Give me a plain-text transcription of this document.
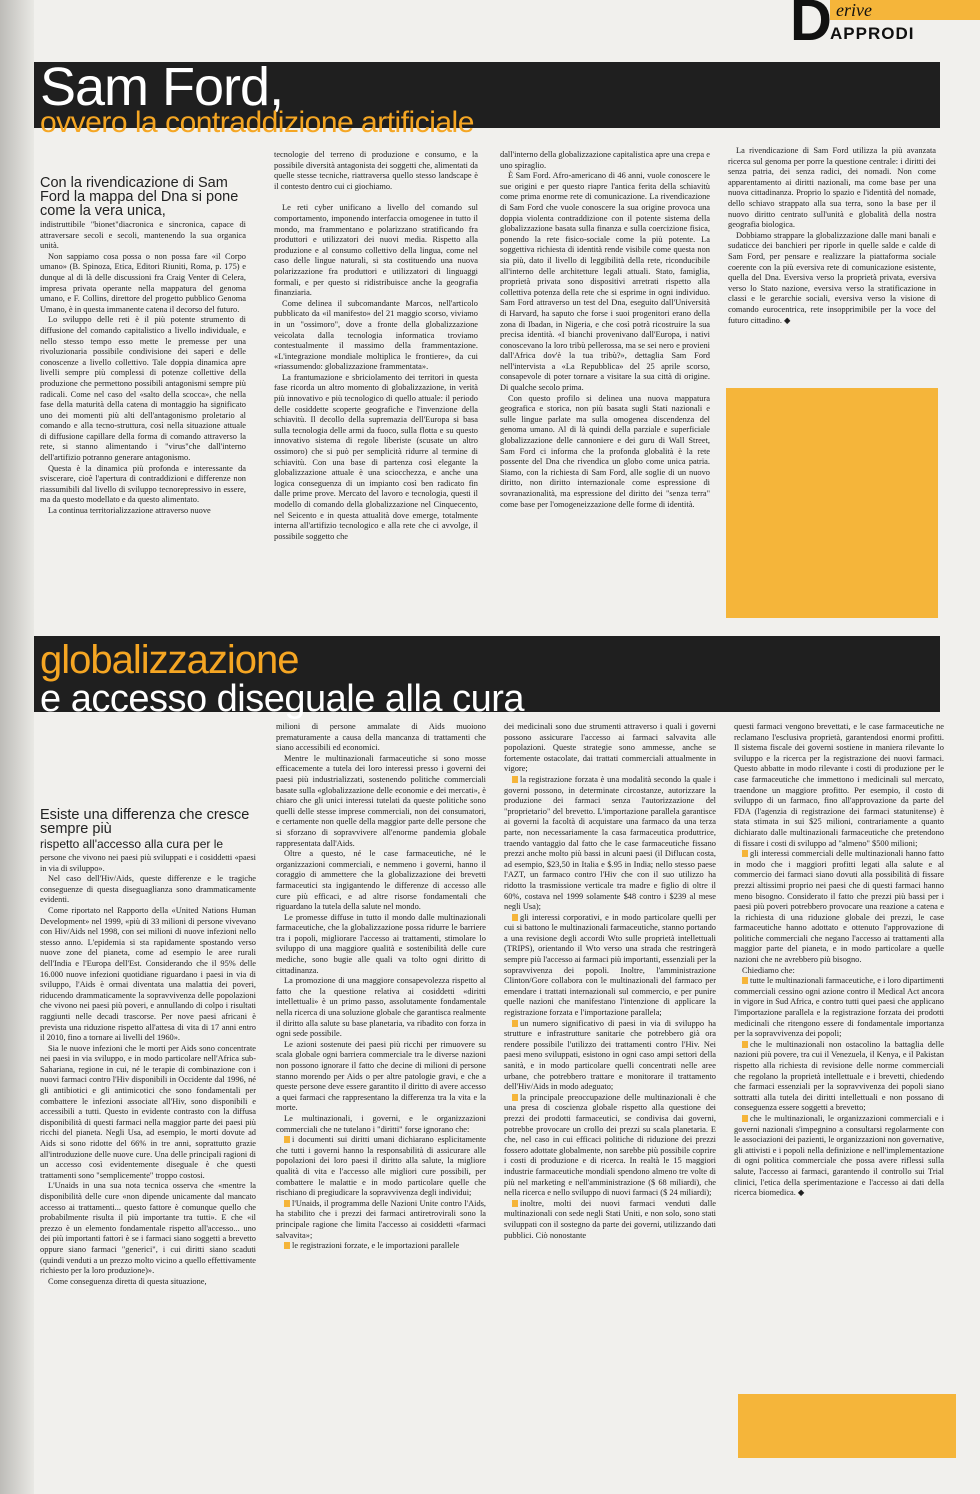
erive
D
APPRODI
Sam Ford,
ovvero la contraddizione artificiale
Con la rivendicazione di Sam Ford la mappa del Dna si pone come la vera unica,

indistruttibile "bionet"diacronica e sincronica, capace di attraversare secoli e secoli, mantenendo la sua organica unità.

Non sappiamo cosa possa o non possa fare «il Corpo umano» (B. Spinoza, Etica, Editori Riuniti, Roma, p. 175) e dunque al di là delle discussioni fra Craig Venter di Celera, impresa privata operante nella mappatura del genoma umano, e F. Collins, direttore del progetto pubblico Genoma Umano, è in questa immanente catena il decorso del futuro.

Lo sviluppo delle reti è il più potente strumento di diffusione del comando capitalistico a livello individuale, e nello stesso tempo esso mette le premesse per una rivoluzionaria possibile condivisione dei saperi e delle conoscenze a livello collettivo. Tale doppia dinamica apre livelli sempre più complessi di potenze collettive della produzione che permettono possibili antagonismi sempre più radicali. Come nel caso del «salto della scocca», che nella fase della maturità della catena di montaggio ha significato uno dei momenti più alti dell'antagonismo proletario al comando e alla tecno-struttura, così nella situazione attuale di diffusione capillare della forma di comando attraverso la rete, si stanno alimentando i "virus"che dall'interno dell'artifizio potranno generare antagonismo.

Questa è la dinamica più profonda e interessante da sviscerare, cioè l'apertura di contraddizioni e differenze non riassumibili dal livello di sviluppo tecnorepressivo in essere, ma da questo modellato e da questo alimentato.

La continua territorializzazione attraverso nuove

tecnologie del terreno di produzione e consumo, e la possibile diversità antagonista dei soggetti che, alimentati da quelle stesse tecniche, riattraversa quello stesso landscape è il contesto dentro cui ci giochiamo.

Le reti cyber unificano a livello del comando sul comportamento, imponendo interfaccia omogenee in tutto il mondo, ma frammentano e polarizzano stratificando fra produttori e utilizzatori dei nuovi media. Rispetto alla produzione e al consumo collettivo della lingua, come nel caso delle lingue naturali, si sta costituendo una nuova polarizzazione fra produttori e utilizzatori di linguaggi formali, e per questo si ridistribuisce anche la geografia finanziaria.

Come delinea il subcomandante Marcos, nell'articolo pubblicato da «il manifesto» del 21 maggio scorso, viviamo in un "ossimoro", dove a fronte della globalizzazione veicolata dalla tecnologia informatica troviamo contestualmente il massimo della frammentazione. «L'integrazione mondiale moltiplica le frontiere», da cui «riassumendo: globalizzazione frammentata».

La frantumazione e sbriciolamento dei territori in questa fase ricorda un altro momento di globalizzazione, in verità più innovativo e più tecnologico di quello attuale: il periodo delle cosiddette scoperte geografiche e l'invenzione della schiavitù. Il decollo della supremazia dell'Europa si basa sulla tecnologia delle armi da fuoco, sulla flotta e su questo innovativo sistema di regole liberiste (scusate un altro ossimoro) che si può per semplicità ridurre al termine di schiavitù. Con una base di partenza così elegante la globalizzazione attuale è una sciocchezza, e anche una logica conseguenza di un impianto così ben radicato fin dalle prime prove. Mercato del lavoro e tecnologia, questi il modello di comando della globalizzazione nel Cinquecento, nel Seicento e in questa attualità dove emerge, totalmente interna all'artifizio tecnologico e alla rete che ci avvolge, il possibile soggetto che

dall'interno della globalizzazione capitalistica apre una crepa e uno spiraglio.

È Sam Ford. Afro-americano di 46 anni, vuole conoscere le sue origini e per questo riapre l'antica ferita della schiavitù come prima enorme rete di comunicazione. La rivendicazione di Sam Ford che vuole conoscere la sua origine provoca una doppia violenta contraddizione con il potente sistema della globalizzazione basata sulla finanza e sulla coercizione fisica, ponendo la rete fisico-sociale come la più potente. La soggettiva richiesta di identità rende visibile come questa non sia più, dato il livello di leggibilità della rete, riconducibile all'interno delle architetture legali attuali. Stato, famiglia, proprietà privata sono dispositivi arretrati rispetto alla collettiva potenza della rete che si esprime in ogni individuo. Sam Ford attraverso un test del Dna, eseguito dall'Università di Harvard, ha saputo che forse i suoi progenitori erano della zona di Ibadan, in Nigeria, e che così potrà ricostruire la sua precisa identità. «I bianchi provenivano dall'Europa, i nativi conoscevano la loro tribù pellerossa, ma se sei nero e provieni dall'Africa dov'è la tua tribù?», dettaglia Sam Ford nell'intervista a «La Repubblica» del 25 aprile scorso, consapevole di poter tornare a visitare la sua città di origine. Di qualche secolo prima.

Con questo profilo si delinea una nuova mappatura geografica e storica, non più basata sugli Stati nazionali e sulle lingue parlate ma sulla omogenea discendenza del genoma umano. Al di là quindi della parziale e superficiale globalizzazione delle cannoniere e dei guru di Wall Street, Sam Ford ci informa che la profonda globalità è la rete possente del Dna che rivendica un globo come unica patria. Siamo, con la richiesta di Sam Ford, alle soglie di un nuovo diritto, non diritto internazionale come espressione di sovranazionalità, ma espressione del diritto dei "senza terra" come base per l'omogeneizzazione delle forme di identità.

La rivendicazione di Sam Ford utilizza la più avanzata ricerca sul genoma per porre la questione centrale: i diritti dei senza patria, dei senza radici, dei nomadi. Non come apparentamento ai diritti nazionali, ma come base per una nuova cittadinanza. Proprio lo spazio e l'identità del nomade, dello schiavo strappato alla sua terra, sono la base per il nuovo diritto centrato sull'unità e globalità della nostra geografia biologica.

Dobbiamo strappare la globalizzazione dalle mani banali e sudaticce dei banchieri per riporle in quelle salde e calde di Sam Ford, per pensare e realizzare la piattaforma sociale coerente con la più eversiva rete di comunicazione esistente, quella del Dna. Eversiva verso la proprietà privata, eversiva verso lo Stato nazione, eversiva verso la stratificazione in classi e le gerarchie sociali, eversiva verso la visione di comando eurocentrica, rete insopprimibile per la voce del futuro cittadino. ◆

globalizzazione
e accesso diseguale alla cura
Esiste una differenza che cresce sempre più
rispetto all'accesso alla cura per le

persone che vivono nei paesi più sviluppati e i cosiddetti «paesi in via di sviluppo».

Nel caso dell'Hiv/Aids, queste differenze e le tragiche conseguenze di questa diseguaglianza sono drammaticamente evidenti.

Come riportato nel Rapporto della «United Nations Human Development» nel 1999, «più di 33 milioni di persone vivevano con Hiv/Aids nel 1998, con sei milioni di nuove infezioni nello stesso anno. L'epidemia si sta rapidamente spostando verso nuove zone del pianeta, come ad esempio le aree rurali dell'India e l'Europa dell'Est. Considerando che il 95% delle 16.000 nuove infezioni quotidiane riguardano i paesi in via di sviluppo, l'Aids è ormai diventata una malattia dei poveri, riducendo drammaticamente la sopravvivenza delle popolazioni che vivono nei paesi più poveri, e annullando di colpo i risultati raggiunti nelle decadi trascorse. Per nove paesi africani è prevista una riduzione rispetto all'attesa di vita di 17 anni entro il 2010, fino a tornare ai livelli del 1960».

Sia le nuove infezioni che le morti per Aids sono concentrate nei paesi in via sviluppo, e in modo particolare nell'Africa sub-Sahariana, regione in cui, né le terapie di combinazione con i nuovi farmaci contro l'Hiv disponibili in Occidente dal 1996, né gli antibiotici e gli antimicotici che sono fondamentali per combattere le infezioni associate all'Hiv, sono disponibili e accessibili a tutti. Questo in evidente contrasto con la diffusa disponibilità di questi farmaci nella maggior parte dei paesi più ricchi del pianeta. Negli Usa, ad esempio, le morti dovute ad Aids si sono ridotte del 66% in tre anni, soprattutto grazie all'introduzione delle nuove cure. Una delle principali ragioni di un accesso così evidentemente diseguale è che questi trattamenti sono "semplicemente" troppo costosi.

L'Unaids in una sua nota tecnica osserva che «mentre la disponibilità delle cure «non dipende unicamente dal mancato accesso ai trattamenti... questo fattore è comunque quello che probabilmente risulta il più importante tra tutti». E che «il prezzo è un elemento fondamentale rispetto all'accesso... uno dei più importanti fattori è se i farmaci siano soggetti a brevetto oppure siano farmaci "generici", i cui diritti siano scaduti (quindi venduti a un prezzo molto vicino a quello effettivamente richiesto per la loro produzione)».

Come conseguenza diretta di questa situazione,

milioni di persone ammalate di Aids muoiono prematuramente a causa della mancanza di trattamenti che siano accessibili ed economici.

Mentre le multinazionali farmaceutiche si sono mosse efficacemente a tutela dei loro interessi presso i governi dei paesi più industrializzati, sostenendo politiche commerciali basate sulla «globalizzazione delle economie e dei mercati», è chiaro che gli unici interessi tutelati da queste politiche sono quelli delle stesse imprese commerciali, non dei consumatori, e certamente non quelle della maggior parte delle persone che si sforzano di sopravvivere all'enorme pandemia globale rappresentata dall'Aids.

Oltre a questo, né le case farmaceutiche, né le organizzazioni commerciali, e nemmeno i governi, hanno il coraggio di ammettere che la globalizzazione dei brevetti farmaceutici sta ingigantendo le differenze di accesso alle cure più efficaci, e ad altre risorse fondamentali che riguardano la tutela della salute nel mondo.

Le promesse diffuse in tutto il mondo dalle multinazionali farmaceutiche, che la globalizzazione possa ridurre le barriere tra i popoli, migliorare l'accesso ai trattamenti, stimolare lo sviluppo di una maggiore qualità e sostenibilità delle cure mediche, sono bugie alle quali va tolto ogni diritto di cittadinanza.

La promozione di una maggiore consapevolezza rispetto al fatto che la questione relativa ai cosiddetti «diritti intellettuali» è un primo passo, assolutamente fondamentale nella ricerca di una soluzione globale che garantisca realmente il diritto alla salute su base planetaria, va ribadito con forza in ogni sede possibile.

Le azioni sostenute dei paesi più ricchi per rimuovere su scala globale ogni barriera commerciale tra le diverse nazioni non possono ignorare il fatto che decine di milioni di persone stanno morendo per Aids o per altre patologie gravi, e che a queste persone deve essere garantito il diritto di avere accesso a quei farmaci che rappresentano la differenza tra la vita e la morte.

Le multinazionali, i governi, e le organizzazioni commerciali che ne tutelano i "diritti" forse ignorano che:

i documenti sui diritti umani dichiarano esplicitamente che tutti i governi hanno la responsabilità di assicurare alle popolazioni dei loro paesi il diritto alla salute, la migliore qualità di vita e l'accesso alle migliori cure possibili, per combattere le malattie e in modo particolare quelle che rischiano di pregiudicare la sopravvivenza degli individui;

l'Unaids, il programma delle Nazioni Unite contro l'Aids, ha stabilito che i prezzi dei farmaci antiretrovirali sono la principale ragione che limita l'accesso ai cosiddetti «farmaci salvavita»;

le registrazioni forzate, e le importazioni parallele

dei medicinali sono due strumenti attraverso i quali i governi possono assicurare l'accesso ai farmaci salvavita alle popolazioni. Queste strategie sono ammesse, anche se fortemente ostacolate, dai trattati commerciali attualmente in vigore;

la registrazione forzata è una modalità secondo la quale i governi possono, in determinate circostanze, autorizzare la produzione dei farmaci senza l'autorizzazione del "proprietario" del brevetto. L'importazione parallela garantisce ai governi la facoltà di acquistare una farmaco da una terza parte, non necessariamente la casa farmaceutica produttrice, traendo vantaggio dal fatto che le case farmaceutiche fissano prezzi anche molto più bassi in alcuni paesi (il Diflucan costa, ad esempio, $23,50 in Italia e $.95 in India; nello stesso paese l'AZT, un farmaco contro l'Hiv che con il suo utilizzo ha ridotto la trasmissione verticale tra madre e figlio di oltre il 60%, costava nel 1999 solamente $48 contro i $239 al mese negli Usa);

gli interessi corporativi, e in modo particolare quelli per cui si battono le multinazionali farmaceutiche, stanno portando a una revisione degli accordi Wto sulle proprietà intellettuali (TRIPS), orientando il Wto verso una strada che restringerà sempre più l'accesso ai farmaci più importanti, essenziali per la sopravvivenza dei popoli. Inoltre, l'amministrazione Clinton/Gore collabora con le multinazionali del farmaco per emendare i trattati internazionali sul commercio, e per punire quelle nazioni che manifestano l'intenzione di applicare la registrazione forzata e l'importazione parallela;

un numero significativo di paesi in via di sviluppo ha strutture e infrastrutture sanitarie che potrebbero già ora rendere possibile l'utilizzo dei trattamenti contro l'Hiv. Nei paesi meno sviluppati, esistono in ogni caso ampi settori della sanità, e in modo particolare quelli concentrati nelle aree urbane, che potrebbero trattare e monitorare il trattamento dell'Hiv/Aids in modo adeguato;

la principale preoccupazione delle multinazionali è che una presa di coscienza globale rispetto alla questione dei prezzi dei prodotti farmaceutici, se condivisa dai governi, potrebbe provocare un crollo dei prezzi su scala planetaria. E che, nel caso in cui efficaci politiche di riduzione dei prezzi fossero adottate globalmente, non sarebbe più possibile coprire i costi di produzione e di ricerca. In realtà le 15 maggiori industrie farmaceutiche mondiali spendono almeno tre volte di più nel marketing e nell'amministrazione ($ 68 miliardi), che nella ricerca e nello sviluppo di nuovi farmaci ($ 24 miliardi);

inoltre, molti dei nuovi farmaci venduti dalle multinazionali con sede negli Stati Uniti, e non solo, sono stati sviluppati con il sostegno da parte dei governi, utilizzando dati pubblici. Ciò nonostante

questi farmaci vengono brevettati, e le case farmaceutiche ne reclamano l'esclusiva proprietà, garantendosi enormi profitti. Il sistema fiscale dei governi sostiene in maniera rilevante lo sviluppo e la ricerca per la registrazione dei nuovi farmaci. Questo abbatte in modo rilevante i costi di produzione per le case farmaceutiche che immettono i medicinali sul mercato, traendone un maggiore profitto. Per esempio, il costo di sviluppo di un farmaco, fino all'approvazione da parte del FDA (l'agenzia di registrazione dei farmaci statunitense) è stata stimata in sui $25 milioni, contrariamente a quanto dichiarato dalle multinazionali farmaceutiche che pretendono di fissare i costi di sviluppo ad "almeno" $500 milioni;

gli interessi commerciali delle multinazionali hanno fatto in modo che i maggiori profitti legati alla salute e al commercio dei farmaci siano dovuti alla possibilità di fissare prezzi altissimi proprio nei paesi che di questi farmaci hanno meno bisogno. Considerato il fatto che prezzi più bassi per i paesi più poveri potrebbero provocare una reazione a catena e la richiesta di una riduzione globale dei prezzi, le case farmaceutiche hanno adottato e ottenuto l'approvazione di politiche commerciali che negano l'accesso ai trattamenti alla maggior parte del pianeta, e in modo particolare a quelle nazioni che ne avrebbero più bisogno.

Chiediamo che:

tutte le multinazionali farmaceutiche, e i loro dipartimenti commerciali cessino ogni azione contro il Medical Act ancora in vigore in Sud Africa, e contro tutti quei paesi che applicano l'importazione parallela e la registrazione forzata dei prodotti medicinali che ritengono essere di fondamentale importanza per la sopravvivenza dei popoli;

che le multinazionali non ostacolino la battaglia delle nazioni più povere, tra cui il Venezuela, il Kenya, e il Pakistan rispetto alla richiesta di revisione delle norme commerciali che regolano la proprietà intellettuale e i brevetti, chiedendo che farmaci essenziali per la sopravvivenza dei popoli siano sottratti alla tutela dei diritti intellettuali e non possano di conseguenza essere soggetti a brevetto;

che le multinazionali, le organizzazioni commerciali e i governi nazionali s'impegnino a consultarsi regolarmente con le associazioni dei pazienti, le organizzazioni non governative, gli attivisti e i popoli nella definizione e nell'implementazione di ogni politica commerciale che possa avere riflessi sulla salute, l'accesso ai farmaci, garantendo il controllo sui Trial clinici, l'etica della sperimentazione e l'accesso ai dati della ricerca biomedica. ◆
